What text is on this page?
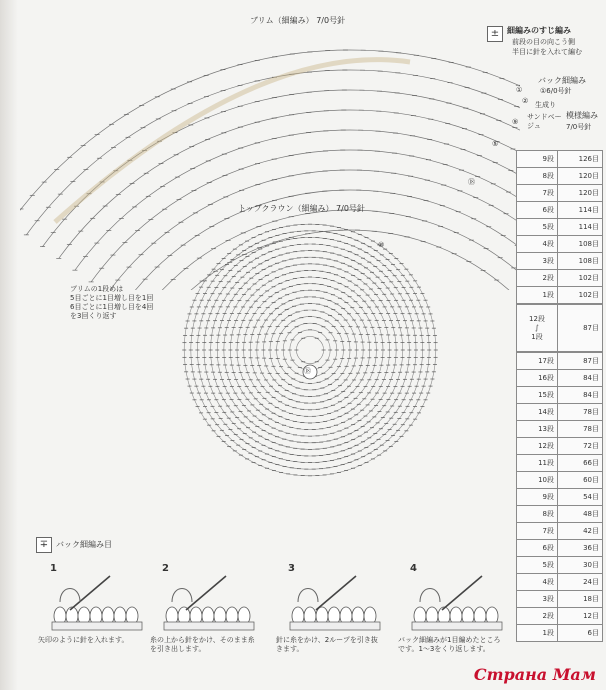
ブリム（細編み） 7/0号針
ブリムの1段めは
5目ごとに1目増し目を1回
6目ごとに1目増し目を4回
を3回くり返す
トップクラウン（細編み） 7/0号針
⑱
± 細編みのすじ編み
前段の目の向こう側
半目に針を入れて編む
バック細編み
①6/0号針
生成り
サンドベージュ
模様編み
7/0号針
①
②
⑨
⑤
⑩
⑱
9段	126目
8段	120目
7段	120目
6段	114目
5段	114目
4段	108目
3段	108目
2段	102目
1段	102目

12段
∫
1段	87目
17段	87目
16段	84目
15段	84目
14段	78目
13段	78目
12段	72目
11段	66目
10段	60目
9段	54目
8段	48目
7段	42目
6段	36目
5段	30目
4段	24目
3段	18目
2段	12目
1段	6目
∓ バック細編み目
1
矢印のように針を入れます。
2
糸の上から針をかけ、そのまま糸
を引き出します。
3
針に糸をかけ、2ループを引き抜
きます。
4
バック細編みが1目編めたところ
です。1〜3をくり返します。
Страна Мам
